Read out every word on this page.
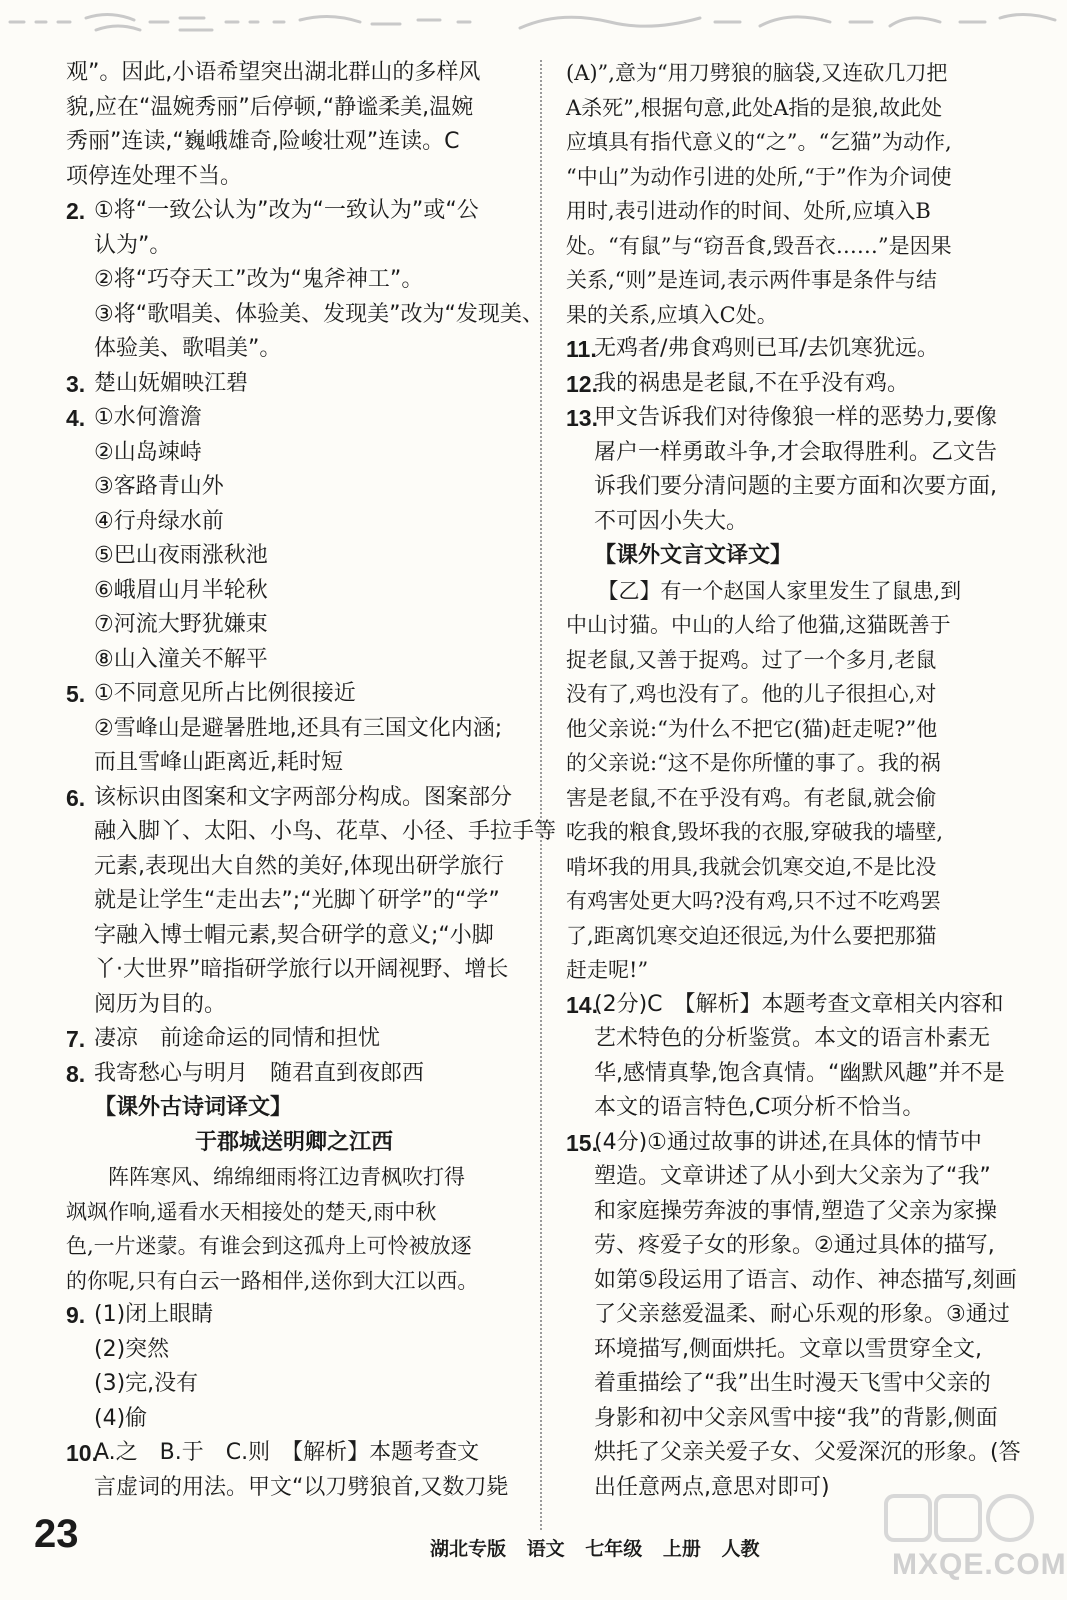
观”。因此,小语希望突出湖北群山的多样风
貌,应在“温婉秀丽”后停顿,“静谧柔美,温婉
秀丽”连读,“巍峨雄奇,险峻壮观”连读。C
项停连处理不当。
2. ①将“一致公认为”改为“一致认为”或“公
认为”。
②将“巧夺天工”改为“鬼斧神工”。
③将“歌唱美、体验美、发现美”改为“发现美、
体验美、歌唱美”。
3. 楚山妩媚映江碧
4. ①水何澹澹
②山岛竦峙
③客路青山外
④行舟绿水前
⑤巴山夜雨涨秋池
⑥峨眉山月半轮秋
⑦河流大野犹嫌束
⑧山入潼关不解平
5. ①不同意见所占比例很接近
②雪峰山是避暑胜地,还具有三国文化内涵;
而且雪峰山距离近,耗时短
6. 该标识由图案和文字两部分构成。图案部分
融入脚丫、太阳、小鸟、花草、小径、手拉手等
元素,表现出大自然的美好,体现出研学旅行
就是让学生“走出去”;“光脚丫研学”的“学”
字融入博士帽元素,契合研学的意义;“小脚
丫·大世界”暗指研学旅行以开阔视野、增长
阅历为目的。
7. 凄凉　前途命运的同情和担忧
8. 我寄愁心与明月　随君直到夜郎西
【课外古诗词译文】
于郡城送明卿之江西
　　阵阵寒风、绵绵细雨将江边青枫吹打得
飒飒作响,遥看水天相接处的楚天,雨中秋
色,一片迷蒙。有谁会到这孤舟上可怜被放逐
的你呢,只有白云一路相伴,送你到大江以西。
9. (1)闭上眼睛
(2)突然
(3)完,没有
(4)偷
10.
A.之　B.于　C.则　【解析】本题考查文
言虚词的用法。甲文“以刀劈狼首,又数刀毙
(A)”,意为“用刀劈狼的脑袋,又连砍几刀把
A杀死”,根据句意,此处A指的是狼,故此处
应填具有指代意义的“之”。“乞猫”为动作,
“中山”为动作引进的处所,“于”作为介词使
用时,表引进动作的时间、处所,应填入B
处。“有鼠”与“窃吾食,毁吾衣……”是因果
关系,“则”是连词,表示两件事是条件与结
果的关系,应填入C处。
11.
无鸡者/弗食鸡则已耳/去饥寒犹远。
12.
我的祸患是老鼠,不在乎没有鸡。
13.
甲文告诉我们对待像狼一样的恶势力,要像
屠户一样勇敢斗争,才会取得胜利。乙文告
诉我们要分清问题的主要方面和次要方面,
不可因小失大。
【课外文言文译文】
　　【乙】有一个赵国人家里发生了鼠患,到
中山讨猫。中山的人给了他猫,这猫既善于
捉老鼠,又善于捉鸡。过了一个多月,老鼠
没有了,鸡也没有了。他的儿子很担心,对
他父亲说:“为什么不把它(猫)赶走呢?”他
的父亲说:“这不是你所懂的事了。我的祸
害是老鼠,不在乎没有鸡。有老鼠,就会偷
吃我的粮食,毁坏我的衣服,穿破我的墙壁,
啃坏我的用具,我就会饥寒交迫,不是比没
有鸡害处更大吗?没有鸡,只不过不吃鸡罢
了,距离饥寒交迫还很远,为什么要把那猫
赶走呢!”
14.
(2分)C　【解析】本题考查文章相关内容和
艺术特色的分析鉴赏。本文的语言朴素无
华,感情真挚,饱含真情。“幽默风趣”并不是
本文的语言特色,C项分析不恰当。
15.
(4分)①通过故事的讲述,在具体的情节中
塑造。文章讲述了从小到大父亲为了“我”
和家庭操劳奔波的事情,塑造了父亲为家操
劳、疼爱子女的形象。②通过具体的描写,
如第⑤段运用了语言、动作、神态描写,刻画
了父亲慈爱温柔、耐心乐观的形象。③通过
环境描写,侧面烘托。文章以雪贯穿全文,
着重描绘了“我”出生时漫天飞雪中父亲的
身影和初中父亲风雪中接“我”的背影,侧面
烘托了父亲关爱子女、父爱深沉的形象。(答
出任意两点,意思对即可)
23	湖北专版 语文 七年级 上册 人教	MXQE.COM
